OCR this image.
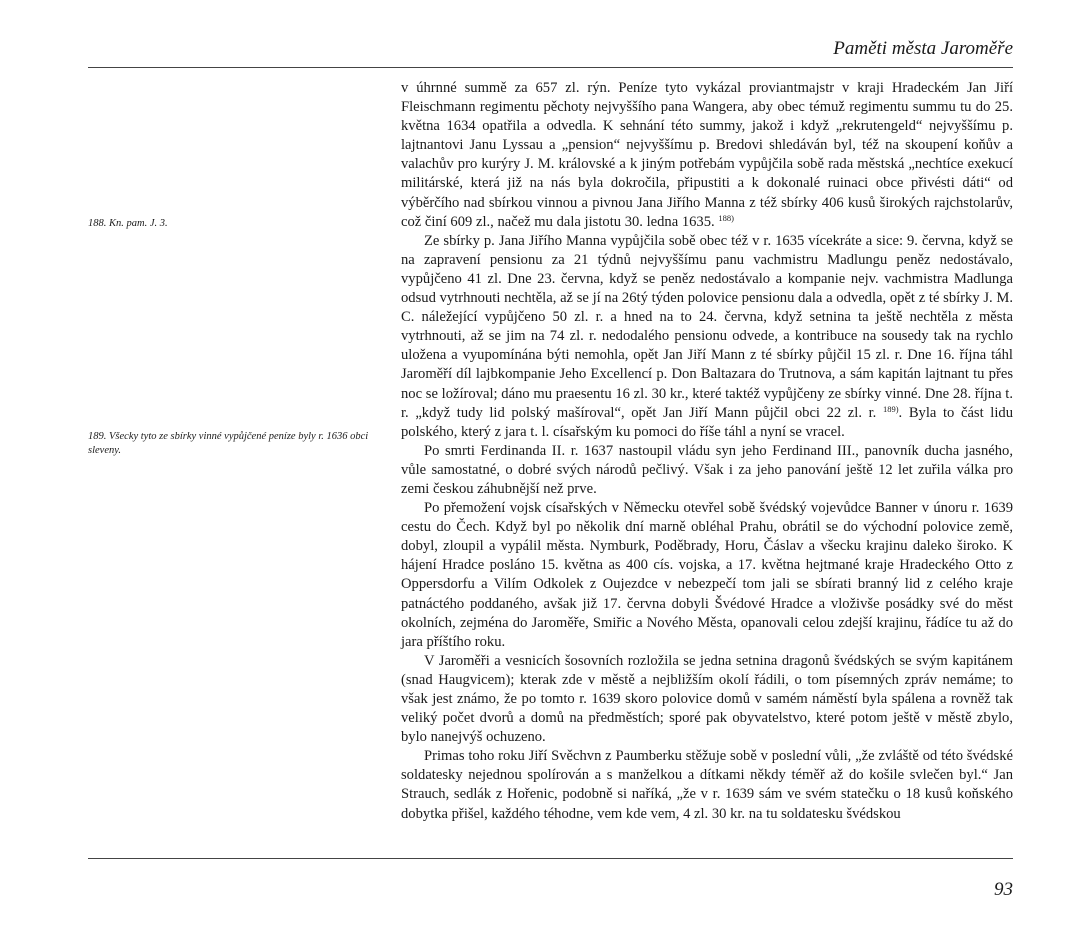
Paměti města Jaroměře
188. Kn. pam. J. 3.
189. Všecky tyto ze sbírky vinné vypůjčené peníze byly r. 1636 obci sleveny.

v úhrnné summě za 657 zl. rýn. Peníze tyto vykázal proviantmajstr v kraji Hradeckém Jan Jiří Fleischmann regimentu pěchoty nejvyššího pana Wangera, aby obec témuž regimentu summu tu do 25. května 1634 opatřila a odvedla. K sehnání této summy, jakož i když „rekrutengeld“ nejvyššímu p. lajtnantovi Janu Lyssau a „pension“ nejvyššímu p. Bredovi shledáván byl, též na skoupení koňův a valachův pro kurýry J. M. královské a k jiným potřebám vypůjčila sobě rada městská „nechtíce exekucí militárské, která již na nás byla dokročila, připustiti a k dokonalé ruinaci obce přivésti dáti“ od výběrčího nad sbírkou vinnou a pivnou Jana Jiřího Manna z též sbírky 406 kusů širokých rajchstolarův, což činí 609 zl., načež mu dala jistotu 30. ledna 1635. $^{188)}$

Ze sbírky p. Jana Jiřího Manna vypůjčila sobě obec též v r. 1635 vícekráte a sice: 9. června, když se na zapravení pensionu za 21 týdnů nejvyššímu panu vachmistru Madlungu peněz nedostávalo, vypůjčeno 41 zl. Dne 23. června, když se peněz nedostávalo a kompanie nejv. vachmistra Madlunga odsud vytrhnouti nechtěla, až se jí na 26tý týden polovice pensionu dala a odvedla, opět z té sbírky J. M. C. náležející vypůjčeno 50 zl. r. a hned na to 24. června, když setnina ta ještě nechtěla z města vytrhnouti, až se jim na 74 zl. r. nedodalého pensionu odvede, a kontribuce na sousedy tak na rychlo uložena a vyupomínána býti nemohla, opět Jan Jiří Mann z té sbírky půjčil 15 zl. r. Dne 16. října táhl Jaroměří díl lajbkompanie Jeho Excellencí p. Don Baltazara do Trutnova, a sám kapitán lajtnant tu přes noc se ložíroval; dáno mu praesentu 16 zl. 30 kr., které taktéž vypůjčeny ze sbírky vinné. Dne 28. října t. r. „když tudy lid polský mašíroval“, opět Jan Jiří Mann půjčil obci 22 zl. r. $^{189)}$. Byla to část lidu polského, který z jara t. l. císařským ku pomoci do říše táhl a nyní se vracel.

Po smrti Ferdinanda II. r. 1637 nastoupil vládu syn jeho Ferdinand III., panovník ducha jasného, vůle samostatné, o dobré svých národů pečlivý. Však i za jeho panování ještě 12 let zuřila válka pro zemi českou záhubnější než prve.

Po přemožení vojsk císařských v Německu otevřel sobě švédský vojevůdce Banner v únoru r. 1639 cestu do Čech. Když byl po několik dní marně obléhal Prahu, obrátil se do východní polovice země, dobyl, zloupil a vypálil města. Nymburk, Poděbrady, Horu, Čáslav a všecku krajinu daleko široko. K hájení Hradce posláno 15. května as 400 cís. vojska, a 17. května hejtmané kraje Hradeckého Otto z Oppersdorfu a Vilím Odkolek z Oujezdce v nebezpečí tom jali se sbírati branný lid z celého kraje patnáctého poddaného, avšak již 17. června dobyli Švédové Hradce a vloživše posádky své do měst okolních, zejména do Jaroměře, Smiřic a Nového Města, opanovali celou zdejší krajinu, řádíce tu až do jara příštího roku.

V Jaroměři a vesnicích šosovních rozložila se jedna setnina dragonů švédských se svým kapitánem (snad Haugvicem); kterak zde v městě a nejbližším okolí řádili, o tom písemných zpráv nemáme; to však jest známo, že po tomto r. 1639 skoro polovice domů v samém náměstí byla spálena a rovněž tak veliký počet dvorů a domů na předměstích; sporé pak obyvatelstvo, které potom ještě v městě zbylo, bylo nanejvýš ochuzeno.

Primas toho roku Jiří Svěchvn z Paumberku stěžuje sobě v poslední vůli, „že zvláště od této švédské soldatesky nejednou spolírován a s manželkou a dítkami někdy téměř až do košile svlečen byl.“ Jan Strauch, sedlák z Hořenic, podobně si naříká, „že v r. 1639 sám ve svém statečku o 18 kusů koňského dobytka přišel, každého téhodne, vem kde vem, 4 zl. 30 kr. na tu soldatesku švédskou

93
